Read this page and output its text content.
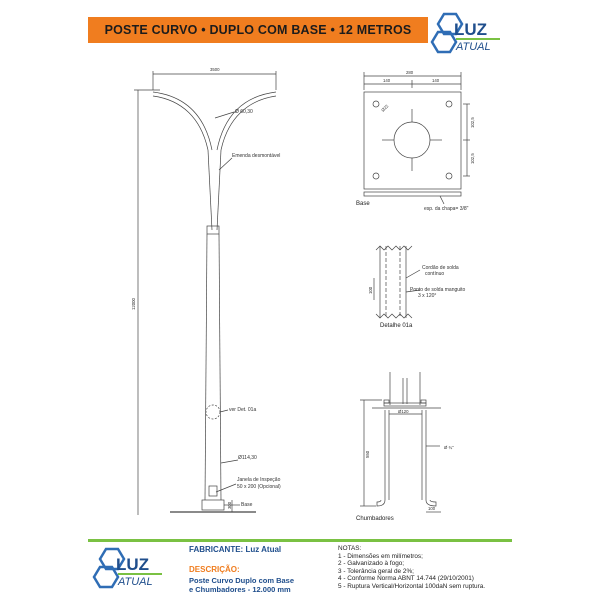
POSTE CURVO • DUPLO COM BASE • 12 METROS	LUZ
ATUAL
3500
12000
Ø 60,30
Emenda desmontável
ver Det. 01a
Ø114,30
Janela de Inspeção
50 x 200 (Opcional)
Base
300
280
140	140
Ø22
102,5
102,5
Base
esp. da chapa= 3/8"
100
Cordão de solda
contínuo
Ponto de solda manguito
3 x 120°
Detalhe 01a
Ø120
Ø ¾"
550
100
Chumbadores
LUZ
ATUAL
FABRICANTE: Luz Atual
DESCRIÇÃO:
Poste Curvo Duplo com Base
e Chumbadores - 12.000 mm
NOTAS:
1 - Dimensões em milímetros;
2 - Galvanizado à fogo;
3 - Tolerância geral de 2%;
4 - Conforme Norma ABNT 14.744 (29/10/2001)
5 - Ruptura Vertical/Horizontal 100daN sem ruptura.
